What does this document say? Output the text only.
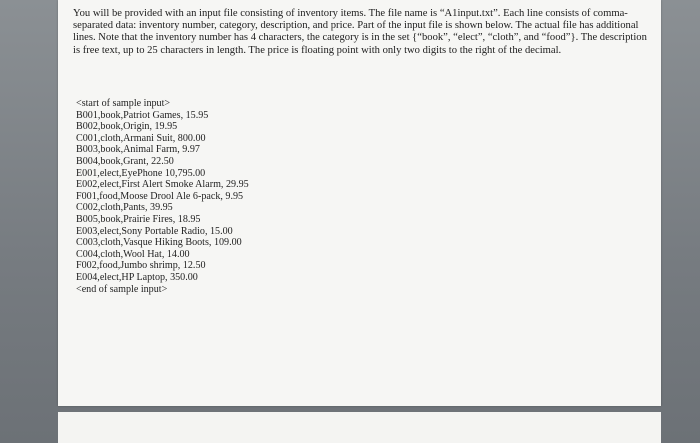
You will be provided with an input file consisting of inventory items. The file name is “A1input.txt”. Each line consists of comma-separated data: inventory number, category, description, and price. Part of the input file is shown below. The actual file has additional lines. Note that the inventory number has 4 characters, the category is in the set {“book”, “elect”, “cloth”, and “food”}. The description is free text, up to 25 characters in length. The price is floating point with only two digits to the right of the decimal.

<start of sample input>
B001,book,Patriot Games, 15.95
B002,book,Origin, 19.95
C001,cloth,Armani Suit, 800.00
B003,book,Animal Farm, 9.97
B004,book,Grant, 22.50
E001,elect,EyePhone 10,795.00
E002,elect,First Alert Smoke Alarm, 29.95
F001,food,Moose Drool Ale 6-pack, 9.95
C002,cloth,Pants, 39.95
B005,book,Prairie Fires, 18.95
E003,elect,Sony Portable Radio, 15.00
C003,cloth,Vasque Hiking Boots, 109.00
C004,cloth,Wool Hat, 14.00
F002,food,Jumbo shrimp, 12.50
E004,elect,HP Laptop, 350.00
<end of sample input>
